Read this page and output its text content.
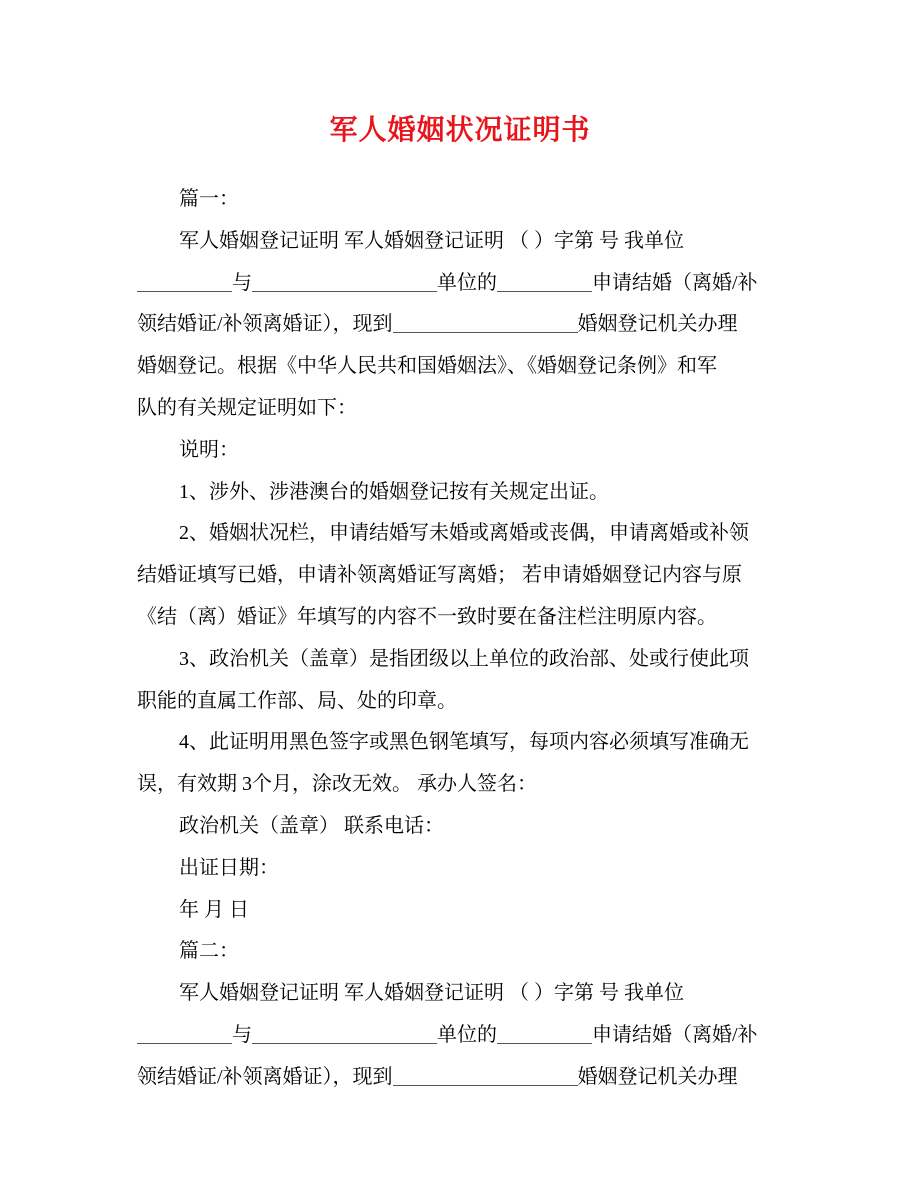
军人婚姻状况证明书
篇一：
军人婚姻登记证明 军人婚姻登记证明 （ ）字第 号 我单位
与	单位的	申请结婚（离婚/补
领结婚证/补领离婚证），现到	婚姻登记机关办理
婚姻登记。根据《中华人民共和国婚姻法》、《婚姻登记条例》和军
队的有关规定证明如下：
说明：
1、涉外、涉港澳台的婚姻登记按有关规定出证。
2、婚姻状况栏，申请结婚写未婚或离婚或丧偶，申请离婚或补领
结婚证填写已婚，申请补领离婚证写离婚； 若申请婚姻登记内容与原
《结（离）婚证》年填写的内容不一致时要在备注栏注明原内容。
3、政治机关（盖章）是指团级以上单位的政治部、处或行使此项
职能的直属工作部、局、处的印章。
4、此证明用黑色签字或黑色钢笔填写，每项内容必须填写准确无
误，有效期 3个月，涂改无效。 承办人签名：
政治机关（盖章） 联系电话：
出证日期：
年 月 日
篇二：
军人婚姻登记证明 军人婚姻登记证明 （ ）字第 号 我单位
与	单位的	申请结婚（离婚/补
领结婚证/补领离婚证），现到	婚姻登记机关办理
